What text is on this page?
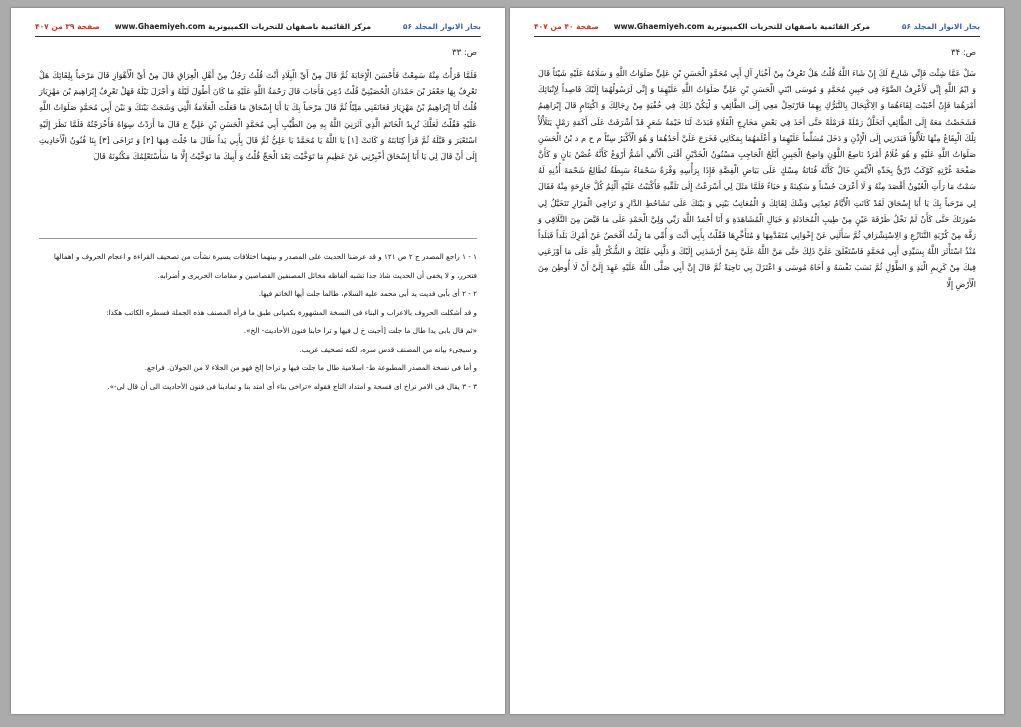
بحار الانوار المجلد ۵۶
مرکز القائمیة باصفهان للتحریات الکمپیوتریة www.Ghaemiyeh.com
صفحة ۳۹ من ۴۰۷
ص: ۳۳

فَلَمَّا قَرَأْتُ مِنْهُ سَمِعْتُ فَأَحْسَنَ الْإِجَابَةَ ثُمَّ قَالَ مِنْ أَيِّ الْبِلَادِ أَنْتَ قُلْتُ رَجُلٌ مِنْ أَهْلِ الْعِرَاقِ قَالَ مِنْ أَيِّ الْأَهْوَازِ قَالَ مَرْحَباً بِلِقَائِكَ هَلْ تَعْرِفُ بِهَا جَعْفَرَ بْنَ حَمْدَانَ الْحُصَيْنِيَّ قُلْتُ دُعِيَ فَأَجَابَ قَالَ رَحْمَةُ اللَّهِ عَلَيْهِ مَا كَانَ أَطْوَلَ لَيْلَهُ وَ أَجْزَلَ نَيْلَهُ فَهَلْ تَعْرِفُ إِبْرَاهِيمَ بْنَ مَهْزِيَارَ قُلْتُ أَنَا إِبْرَاهِيمُ بْنُ مَهْزِيَارَ فَعَانَقَنِي مَلِيّاً ثُمَّ قَالَ مَرْحَباً بِكَ يَا أَبَا إِسْحَاقَ مَا فَعَلْتَ الْعَلَامَةُ الَّتِي وَشَجَتْ بَيْنَكَ وَ بَيْنَ أَبِي مُحَمَّدٍ صَلَوَاتُ اللَّهِ عَلَيْهِ فَقُلْتُ لَعَلَّكَ تُرِيدُ الْخَاتَمَ الَّذِي آثَرَنِيَ اللَّهُ بِهِ مِنَ الطَّيِّبِ أَبِي مُحَمَّدٍ الْحَسَنِ بْنِ عَلِيٍّ ع قَالَ مَا أَرَدْتُ سِوَاهُ فَأَخْرَجْتُهُ فَلَمَّا نَظَرَ إِلَيْهِ اسْتَعْبَرَ وَ قَبَّلَهُ ثُمَّ قَرَأَ كِتَابَتَهُ وَ كَانَتْ [۱] يَا اللَّهُ يَا مُحَمَّدُ يَا عَلِيُّ ثُمَّ قَالَ بِأَبِي يَداً طَالَ مَا جُلْتَ فِيهَا [۲] وَ تَرَاخَى [۳] بِنَا فُنُونُ الْأَحَادِيثِ إِلَى أَنْ قَالَ لِي يَا أَبَا إِسْحَاقَ أَخْبِرْنِي عَنْ عَظِيمِ مَا تَوَخَّيْتَ بَعْدَ الْحَجِّ قُلْتُ وَ أَبِيكَ مَا تَوَخَّيْتُ إِلَّا مَا سَأَسْتَعْلِمُكَ مَكْنُونَهُ قَالَ

۱ - ۱ راجع المصدر ج ۲ ص ۱۲۱ و قد عرضنا الحدیث على المصدر و بینهما اختلافات یسیرة نشأت من تصحیف القراءة و اعجام الحروف و اهمالها فتحرر، و لا یخفى أن الحدیث شاذ جدا تشبه ألفاظه مخائل المصنفین القصاصین و مقامات الحریری و أضرابه.

۲ - ۲ أی بأبی فدیت ید أبی محمد علیه السلام، طالما جلت أیها الخاتم فیها.

و قد أشکلت الحروف بالاعراب و البناء فی النسخة المشهورة بکمپانی طبق ما قرأه المصنف هذه الجملة فسطره الکاتب هکذا:

«ثم قال بابی یدا طال ما جلت [أجبت خ ل فیها و ترا خابنا فنون الأحادیث- الخ».

و سیجیء بیانه من المصنف قدس سره، لکنه تصحیف غریب.

و أما فی نسخة المصدر المطبوعة ط- اسلامیة طال ما جلت فیها و تراخا إلخ فهو من الجلاء لا من الجولان. فراجع.

۳ - ۳ یقال فی الامر تراخ ای فسحة و امتداد التاج فقوله «تراخى بناء أی امتد بنا و تمادینا فی فنون الأحادیث الى أن قال لی-».

بحار الانوار المجلد ۵۶
مرکز القائمیة باصفهان للتحریات الکمپیوتریة www.Ghaemiyeh.com
صفحة ۴۰ من ۴۰۷
ص: ۳۴

سَلْ عَمَّا شِئْتَ فَإِنِّي شَارِحٌ لَكَ إِنْ شَاءَ اللَّهُ قُلْتُ هَلْ تَعْرِفُ مِنْ أَخْبَارِ آلِ أَبِي مُحَمَّدٍ الْحَسَنِ بْنِ عَلِيٍّ صَلَوَاتُ اللَّهِ وَ سَلَامُهُ عَلَيْهِ شَيْئاً قَالَ وَ ايْمُ اللَّهِ إِنِّي لَأَعْرِفُ الضَّوْءَ فِي جَبِينِ مُحَمَّدٍ وَ مُوسَى ابْنَيِ الْحَسَنِ بْنِ عَلِيٍّ صَلَوَاتُ اللَّهِ عَلَيْهِمَا وَ إِنِّي لَرَسُولُهُمَا إِلَيْكَ قَاصِداً لِإِنْبَائِكَ أَمْرَهُمَا فَإِنْ أَحْبَبْتَ لِقَاءَهُمَا وَ الِاكْتِحَالَ بِالتَّبَرُّكِ بِهِمَا فَارْتَحِلْ مَعِي إِلَى الطَّائِفِ وَ لْيَكُنْ ذَلِكَ فِي خُفْيَةٍ مِنْ رِجَالِكَ وَ اكْتِتَامٍ قَالَ إِبْرَاهِيمُ فَشَخَصْتُ مَعَهُ إِلَى الطَّائِفِ أَتَخَلَّلُ رَمْلَةً فَرَمْلَةً حَتَّى أَخَذَ فِي بَعْضِ مَخَارِجِ الْفَلَاةِ فَبَدَتْ لَنَا خَيْمَةُ شَعَرٍ قَدْ أَشْرَفَتْ عَلَى أَكَمَةِ رَمْلٍ يَتَلَأْلَأُ تِلْكَ الْبِقَاعُ مِنْهَا تَلَأْلُؤاً فَبَدَرَنِي إِلَى الْإِذْنِ وَ دَخَلَ مُسَلِّماً عَلَيْهِمَا وَ أَعْلَمَهُمَا بِمَكَانِي فَخَرَجَ عَلَيَّ أَحَدُهُمَا وَ هُوَ الْأَكْبَرُ سِنّاً م ح م د بْنُ الْحَسَنِ صَلَوَاتُ اللَّهِ عَلَيْهِ وَ هُوَ غُلَامٌ أَمْرَدُ نَاصِعُ اللَّوْنِ وَاضِحُ الْجَبِينِ أَبْلَجُ الْحَاجِبِ مَسْنُونُ الْخَدَّيْنِ أَقْنَى الْأَنْفِ أَشَمُّ أَرْوَعُ كَأَنَّهُ غُصْنُ بَانٍ وَ كَأَنَّ صَفْحَةَ غُرَّتِهِ كَوْكَبٌ دُرِّيٌّ بِخَدِّهِ الْأَيْمَنِ خَالٌ كَأَنَّهُ فُتَاتَةُ مِسْكٍ عَلَى بَيَاضِ الْفِضَّةِ فَإِذَا بِرَأْسِهِ وَفْرَةٌ سَحْمَاءُ سَبِطَةٌ تُطَالِعُ شَحْمَةَ أُذُنِهِ لَهُ سَمْتٌ مَا رَأَتِ الْعُيُونُ أَقْصَدَ مِنْهُ وَ لَا أَعْرَفَ حُسْناً وَ سَكِينَةً وَ حَيَاءً فَلَمَّا مَثَلَ لِي أَسْرَعْتُ إِلَى تَلَقِّيهِ فَأَكْبَبْتُ عَلَيْهِ أَلْثِمُ كُلَّ جَارِحَةٍ مِنْهُ فَقَالَ لِي مَرْحَباً بِكَ يَا أَبَا إِسْحَاقَ لَقَدْ كَانَتِ الْأَيَّامُ تَعِدُنِي وَشْكَ لِقَائِكَ وَ الْمُعَاتِبُ بَيْنِي وَ بَيْنَكَ عَلَى تَشَاحُطِ الدَّارِ وَ تَرَاخِي الْمَزَارِ تَتَخَيَّلُ لِي صُورَتَكَ حَتَّى كَأَنْ لَمْ نَخْلُ طَرْفَةَ عَيْنٍ مِنْ طِيبِ الْمُحَادَثَةِ وَ خَيَالِ الْمُشَاهَدَةِ وَ أَنَا أَحْمَدُ اللَّهَ رَبِّي وَلِيَّ الْحَمْدِ عَلَى مَا قَيَّضَ مِنَ التَّلَاقِي وَ رَفَّهَ مِنْ كُرْبَةِ التَّنَازُعِ وَ الِاسْتِشْرَافِ ثُمَّ سَأَلَنِي عَنْ إِخْوَانِي مُتَقَدَّمِهَا وَ مُتَأَخِّرِهَا فَقُلْتُ بِأَبِي أَنْتَ وَ أُمِّي مَا زِلْتُ أَفْحَصُ عَنْ أَمْرِكَ بَلَداً فَبَلَداً مُنْذُ اسْتَأْثَرَ اللَّهُ بِسَيِّدِي أَبِي مُحَمَّدٍ فَاسْتَغْلَقَ عَلَيَّ ذَلِكَ حَتَّى مَنَّ اللَّهُ عَلَيَّ بِمَنْ أَرْشَدَنِي إِلَيْكَ وَ دَلَّنِي عَلَيْكَ وَ الشُّكْرُ لِلَّهِ عَلَى مَا أَوْزَعَنِي فِيكَ مِنْ كَرِيمِ الْيَدِ وَ الطَّوْلِ ثُمَّ نَسَبَ نَفْسَهُ وَ أَخَاهُ مُوسَى وَ اعْتَزَلَ بِي نَاحِيَةً ثُمَّ قَالَ إِنَّ أَبِي صَلَّى اللَّهُ عَلَيْهِ عَهِدَ إِلَيَّ أَنْ لَا أُوطِنَ مِنَ الْأَرْضِ إِلَّا
